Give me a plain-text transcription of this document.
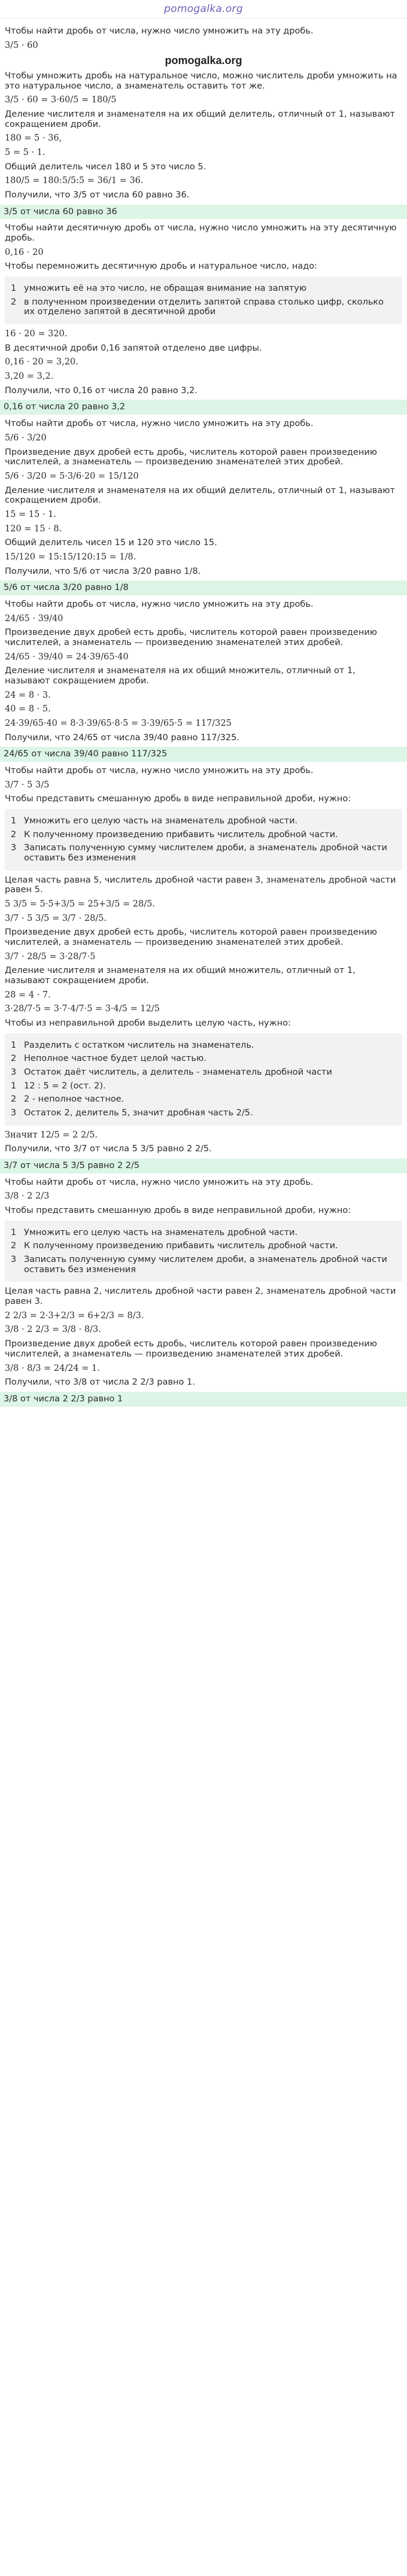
pomogalka.org
Чтобы найти дробь от числа, нужно число умножить на эту дробь.
3/5 · 60
pomogalka.org
Чтобы умножить дробь на натуральное число, можно числитель дроби умножить на это натуральное число, а знаменатель оставить тот же.
3/5 · 60 = 3·60/5 = 180/5
Деление числителя и знаменателя на их общий делитель, отличный от 1, называют сокращением дроби.
180 = 5 · 36,
5 = 5 · 1.
Общий делитель чисел 180 и 5 это число 5.
180/5 = 180:5/5:5 = 36/1 = 36.
Получили, что 3/5 от числа 60 равно 36.
3/5 от числа 60 равно 36
Чтобы найти десятичную дробь от числа, нужно число умножить на эту десятичную дробь.
0,16 · 20
Чтобы перемножить десятичную дробь и натуральное число, надо:
1 умножить её на это число, не обращая внимание на запятую
2 в полученном произведении отделить запятой справа столько цифр, сколько их отделено запятой в десятичной дроби
16 · 20 = 320.
В десятичной дроби 0,16 запятой отделено две цифры.
0,16 · 20 = 3,20.
3,20 = 3,2.
Получили, что 0,16 от числа 20 равно 3,2.
0,16 от числа 20 равно 3,2
Чтобы найти дробь от числа, нужно число умножить на эту дробь.
5/6 · 3/20
Произведение двух дробей есть дробь, числитель которой равен произведению числителей, а знаменатель — произведению знаменателей этих дробей.
5/6 · 3/20 = 5·3/6·20 = 15/120
Деление числителя и знаменателя на их общий делитель, отличный от 1, называют сокращением дроби.
15 = 15 · 1.
120 = 15 · 8.
Общий делитель чисел 15 и 120 это число 15.
15/120 = 15:15/120:15 = 1/8.
Получили, что 5/6 от числа 3/20 равно 1/8.
5/6 от числа 3/20 равно 1/8
Чтобы найти дробь от числа, нужно число умножить на эту дробь.
24/65 · 39/40
Произведение двух дробей есть дробь, числитель которой равен произведению числителей, а знаменатель — произведению знаменателей этих дробей.
24/65 · 39/40 = 24·39/65·40
Деление числителя и знаменателя на их общий множитель, отличный от 1, называют сокращением дроби.
24 = 8 · 3.
40 = 8 · 5.
24·39/65·40 = 8·3·39/65·8·5 = 3·39/65·5 = 117/325
Получили, что 24/65 от числа 39/40 равно 117/325.
24/65 от числа 39/40 равно 117/325
Чтобы найти дробь от числа, нужно число умножить на эту дробь.
3/7 · 5 3/5
Чтобы представить смешанную дробь в виде неправильной дроби, нужно:
1 Умножить его целую часть на знаменатель дробной части.
2 К полученному произведению прибавить числитель дробной части.
3 Записать полученную сумму числителем дроби, а знаменатель дробной части оставить без изменения
Целая часть равна 5, числитель дробной части равен 3, знаменатель дробной части равен 5.
5 3/5 = 5·5+3/5 = 25+3/5 = 28/5.
3/7 · 5 3/5 = 3/7 · 28/5.
Произведение двух дробей есть дробь, числитель которой равен произведению числителей, а знаменатель — произведению знаменателей этих дробей.
3/7 · 28/5 = 3·28/7·5
Деление числителя и знаменателя на их общий множитель, отличный от 1, называют сокращением дроби.
28 = 4 · 7.
3·28/7·5 = 3·7·4/7·5 = 3·4/5 = 12/5
Чтобы из неправильной дроби выделить целую часть, нужно:
1 Разделить с остатком числитель на знаменатель.
2 Неполное частное будет целой частью.
3 Остаток даёт числитель, а делитель - знаменатель дробной части
1 12 : 5 = 2 (ост. 2).
2 2 - неполное частное.
3 Остаток 2, делитель 5, значит дробная часть 2/5.
Значит 12/5 = 2 2/5.
Получили, что 3/7 от числа 5 3/5 равно 2 2/5.
3/7 от числа 5 3/5 равно 2 2/5
Чтобы найти дробь от числа, нужно число умножить на эту дробь.
3/8 · 2 2/3
Чтобы представить смешанную дробь в виде неправильной дроби, нужно:
1 Умножить его целую часть на знаменатель дробной части.
2 К полученному произведению прибавить числитель дробной части.
3 Записать полученную сумму числителем дроби, а знаменатель дробной части оставить без изменения
Целая часть равна 2, числитель дробной части равен 2, знаменатель дробной части равен 3.
2 2/3 = 2·3+2/3 = 6+2/3 = 8/3.
3/8 · 2 2/3 = 3/8 · 8/3.
Произведение двух дробей есть дробь, числитель которой равен произведению числителей, а знаменатель — произведению знаменателей этих дробей.
3/8 · 8/3 = 24/24 = 1.
Получили, что 3/8 от числа 2 2/3 равно 1.
3/8 от числа 2 2/3 равно 1
